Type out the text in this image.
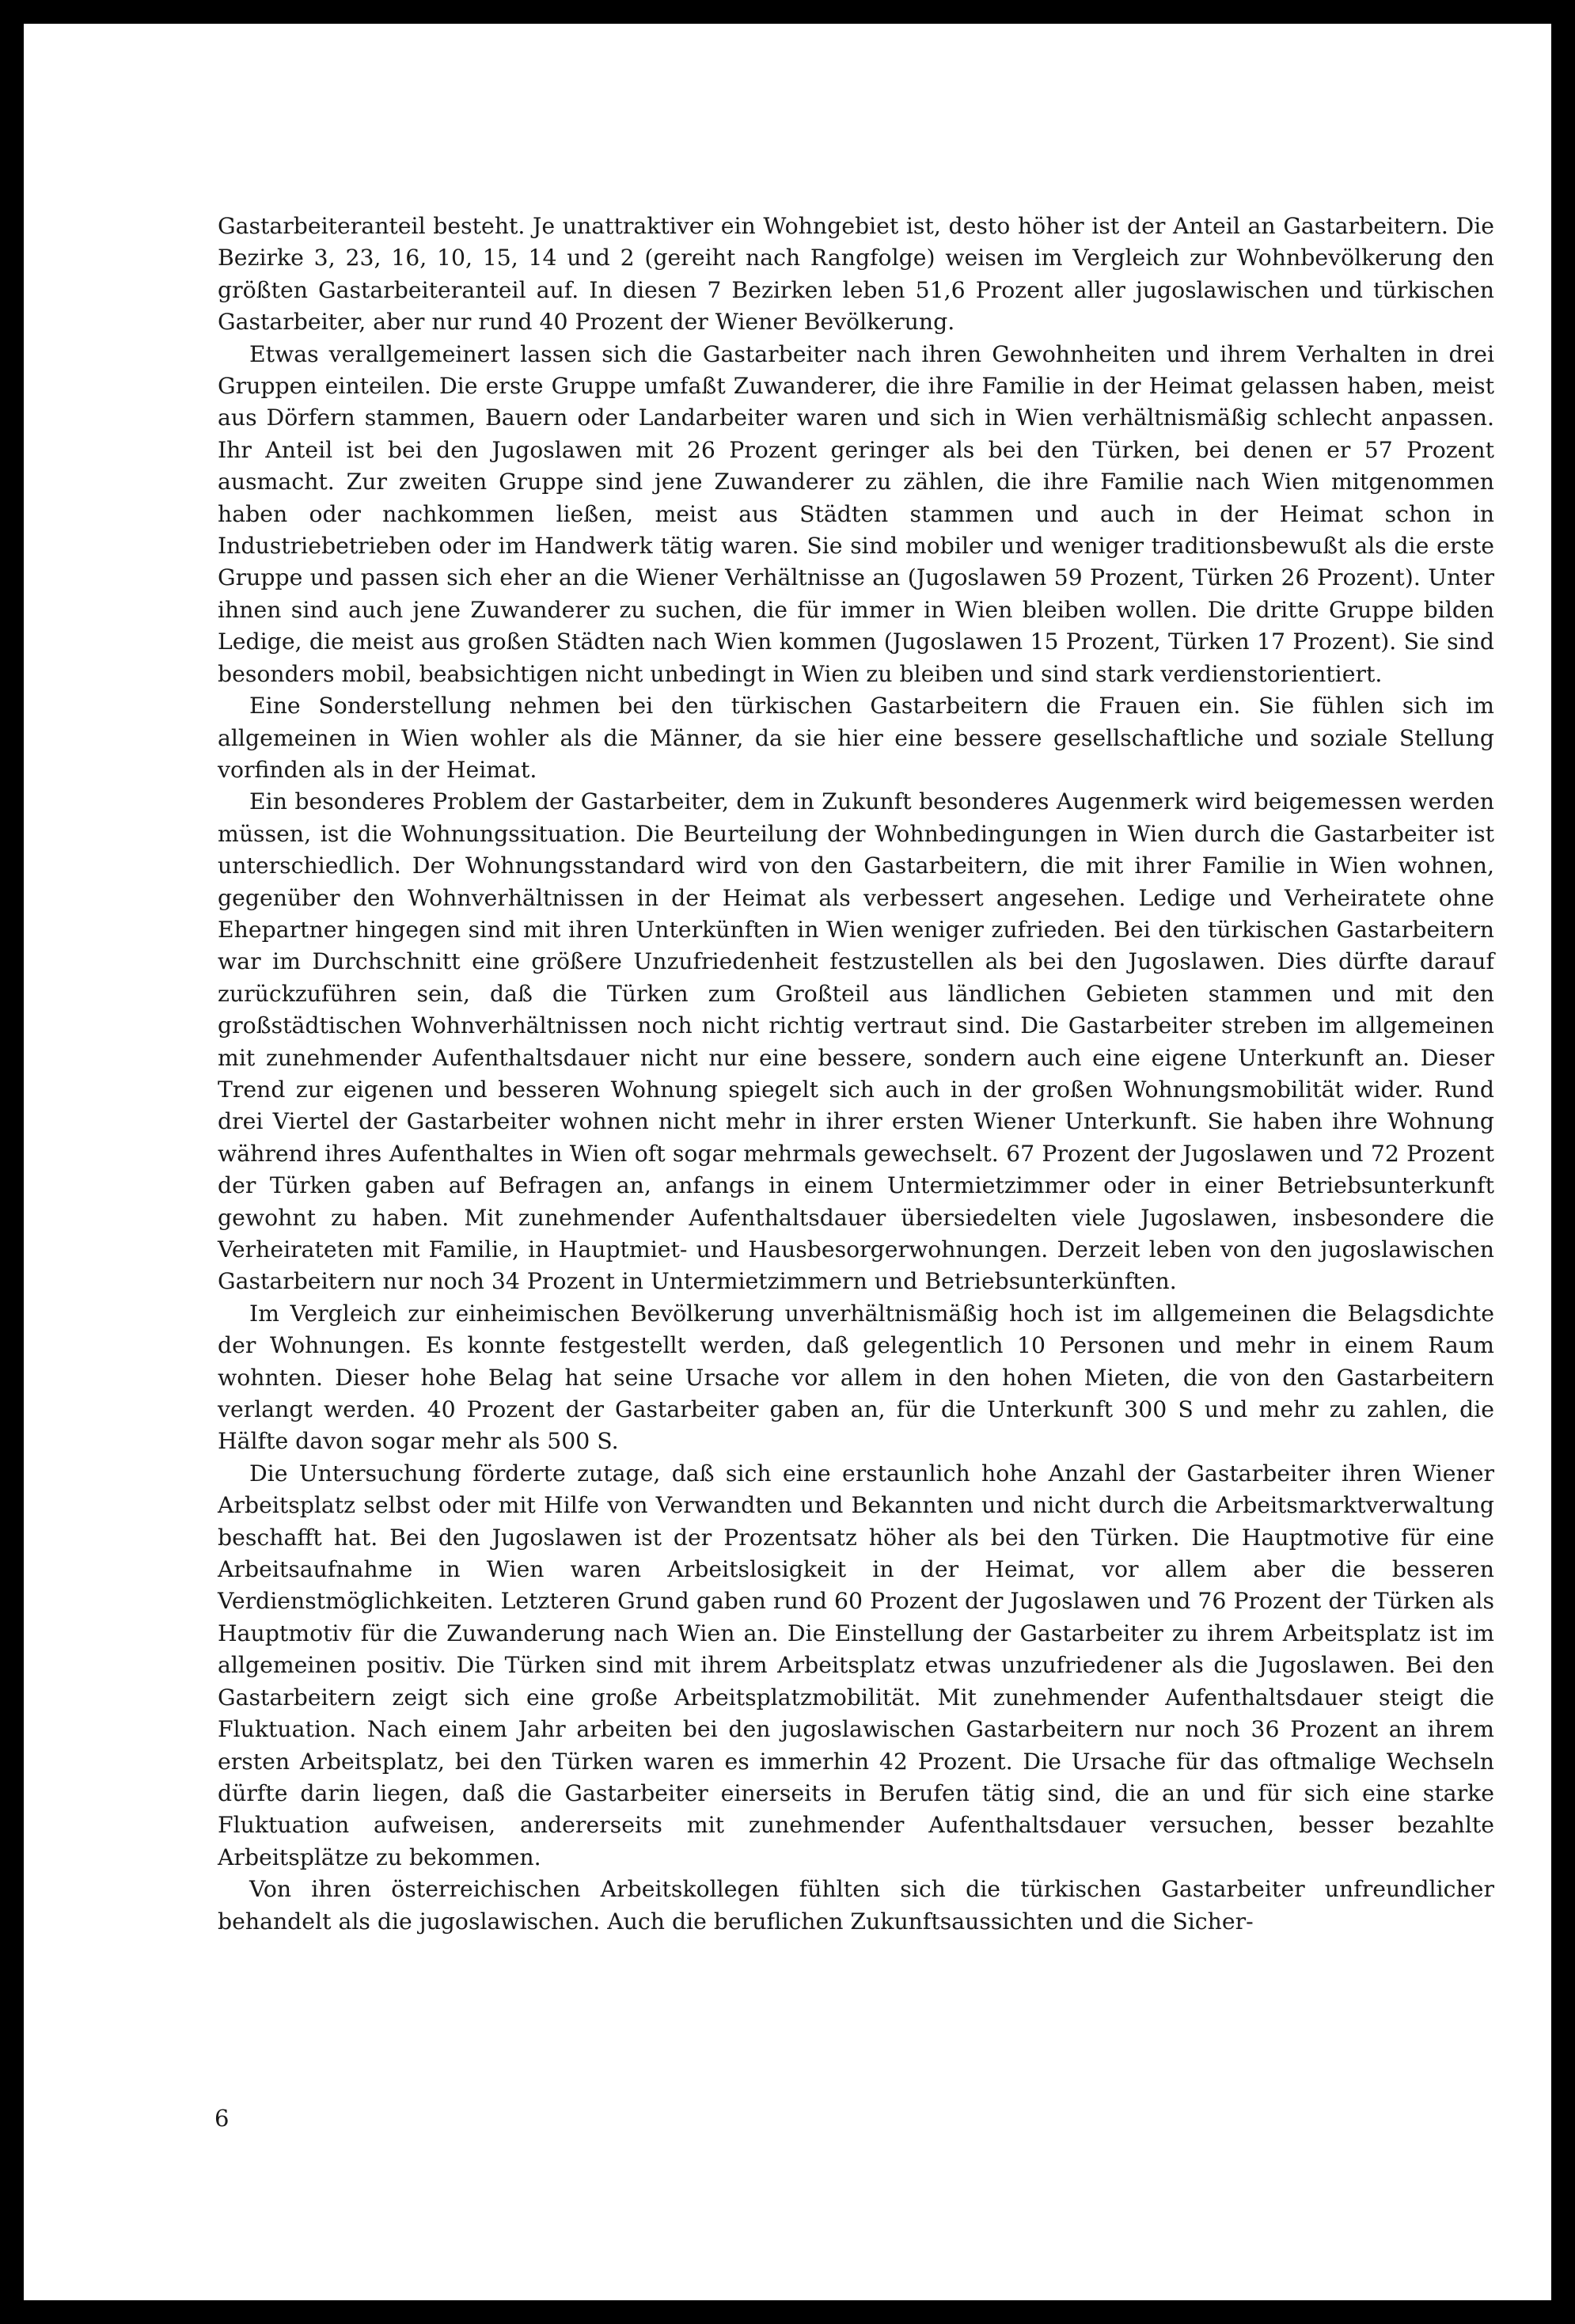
Gastarbeiteranteil besteht. Je unattraktiver ein Wohngebiet ist, desto höher ist der Anteil an Gastarbeitern. Die Bezirke 3, 23, 16, 10, 15, 14 und 2 (gereiht nach Rangfolge) weisen im Vergleich zur Wohnbevölkerung den größten Gastarbeiteranteil auf. In diesen 7 Bezirken leben 51,6 Prozent aller jugoslawischen und türkischen Gastarbeiter, aber nur rund 40 Prozent der Wiener Bevölkerung.

Etwas verallgemeinert lassen sich die Gastarbeiter nach ihren Gewohnheiten und ihrem Verhalten in drei Gruppen einteilen. Die erste Gruppe umfaßt Zuwanderer, die ihre Familie in der Heimat gelassen haben, meist aus Dörfern stammen, Bauern oder Landarbeiter waren und sich in Wien verhältnismäßig schlecht anpassen. Ihr Anteil ist bei den Jugoslawen mit 26 Prozent geringer als bei den Türken, bei denen er 57 Prozent ausmacht. Zur zweiten Gruppe sind jene Zuwanderer zu zählen, die ihre Familie nach Wien mitgenommen haben oder nachkommen ließen, meist aus Städten stammen und auch in der Heimat schon in Industriebetrieben oder im Handwerk tätig waren. Sie sind mobiler und weniger traditionsbewußt als die erste Gruppe und passen sich eher an die Wiener Verhältnisse an (Jugoslawen 59 Prozent, Türken 26 Prozent). Unter ihnen sind auch jene Zuwanderer zu suchen, die für immer in Wien bleiben wollen. Die dritte Gruppe bilden Ledige, die meist aus großen Städten nach Wien kommen (Jugoslawen 15 Prozent, Türken 17 Prozent). Sie sind besonders mobil, beabsichtigen nicht unbedingt in Wien zu bleiben und sind stark verdienstorientiert.

Eine Sonderstellung nehmen bei den türkischen Gastarbeitern die Frauen ein. Sie fühlen sich im allgemeinen in Wien wohler als die Männer, da sie hier eine bessere gesellschaftliche und soziale Stellung vorfinden als in der Heimat.

Ein besonderes Problem der Gastarbeiter, dem in Zukunft besonderes Augenmerk wird beigemessen werden müssen, ist die Wohnungssituation. Die Beurteilung der Wohnbedingungen in Wien durch die Gastarbeiter ist unterschiedlich. Der Wohnungsstandard wird von den Gastarbeitern, die mit ihrer Familie in Wien wohnen, gegenüber den Wohnverhältnissen in der Heimat als verbessert angesehen. Ledige und Verheiratete ohne Ehepartner hingegen sind mit ihren Unterkünften in Wien weniger zufrieden. Bei den türkischen Gastarbeitern war im Durchschnitt eine größere Unzufriedenheit festzustellen als bei den Jugoslawen. Dies dürfte darauf zurückzuführen sein, daß die Türken zum Großteil aus ländlichen Gebieten stammen und mit den großstädtischen Wohnverhältnissen noch nicht richtig vertraut sind. Die Gastarbeiter streben im allgemeinen mit zunehmender Aufenthaltsdauer nicht nur eine bessere, sondern auch eine eigene Unterkunft an. Dieser Trend zur eigenen und besseren Wohnung spiegelt sich auch in der großen Wohnungsmobilität wider. Rund drei Viertel der Gastarbeiter wohnen nicht mehr in ihrer ersten Wiener Unterkunft. Sie haben ihre Wohnung während ihres Aufenthaltes in Wien oft sogar mehrmals gewechselt. 67 Prozent der Jugoslawen und 72 Prozent der Türken gaben auf Befragen an, anfangs in einem Untermietzimmer oder in einer Betriebsunterkunft gewohnt zu haben. Mit zunehmender Aufenthaltsdauer übersiedelten viele Jugoslawen, insbesondere die Verheirateten mit Familie, in Hauptmiet- und Hausbesorgerwohnungen. Derzeit leben von den jugoslawischen Gastarbeitern nur noch 34 Prozent in Untermietzimmern und Betriebsunterkünften.

Im Vergleich zur einheimischen Bevölkerung unverhältnismäßig hoch ist im allgemeinen die Belagsdichte der Wohnungen. Es konnte festgestellt werden, daß gelegentlich 10 Personen und mehr in einem Raum wohnten. Dieser hohe Belag hat seine Ursache vor allem in den hohen Mieten, die von den Gastarbeitern verlangt werden. 40 Prozent der Gastarbeiter gaben an, für die Unterkunft 300 S und mehr zu zahlen, die Hälfte davon sogar mehr als 500 S.

Die Untersuchung förderte zutage, daß sich eine erstaunlich hohe Anzahl der Gastarbeiter ihren Wiener Arbeitsplatz selbst oder mit Hilfe von Verwandten und Bekannten und nicht durch die Arbeitsmarktverwaltung beschafft hat. Bei den Jugoslawen ist der Prozentsatz höher als bei den Türken. Die Hauptmotive für eine Arbeitsaufnahme in Wien waren Arbeitslosigkeit in der Heimat, vor allem aber die besseren Verdienstmöglichkeiten. Letzteren Grund gaben rund 60 Prozent der Jugoslawen und 76 Prozent der Türken als Hauptmotiv für die Zuwanderung nach Wien an. Die Einstellung der Gastarbeiter zu ihrem Arbeitsplatz ist im allgemeinen positiv. Die Türken sind mit ihrem Arbeitsplatz etwas unzufriedener als die Jugoslawen. Bei den Gastarbeitern zeigt sich eine große Arbeitsplatzmobilität. Mit zunehmender Aufenthaltsdauer steigt die Fluktuation. Nach einem Jahr arbeiten bei den jugoslawischen Gastarbeitern nur noch 36 Prozent an ihrem ersten Arbeitsplatz, bei den Türken waren es immerhin 42 Prozent. Die Ursache für das oftmalige Wechseln dürfte darin liegen, daß die Gastarbeiter einerseits in Berufen tätig sind, die an und für sich eine starke Fluktuation aufweisen, andererseits mit zunehmender Aufenthaltsdauer versuchen, besser bezahlte Arbeitsplätze zu bekommen.

Von ihren österreichischen Arbeitskollegen fühlten sich die türkischen Gastarbeiter unfreundlicher behandelt als die jugoslawischen. Auch die beruflichen Zukunftsaussichten und die Sicher-

6
